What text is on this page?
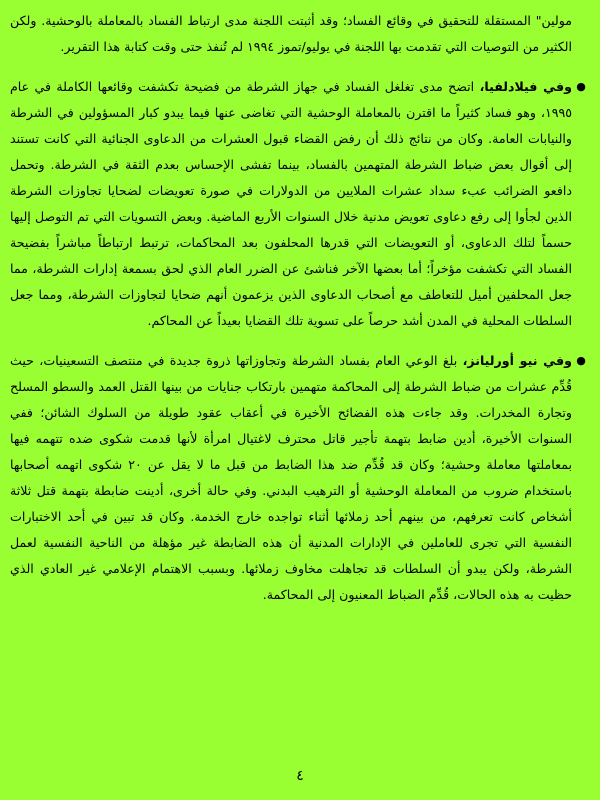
مولين" المستقلة للتحقيق في وقائع الفساد؛ وقد أثبتت اللجنة مدى ارتباط الفساد بالمعاملة بالوحشية. ولكن الكثير من التوصيات التي تقدمت بها اللجنة في يوليو/تموز ١٩٩٤ لم تُنفذ حتى وقت كتابة هذا التقرير.

●

وفي فيلادلفيا، اتضح مدى تغلغل الفساد في جهاز الشرطة من فضيحة تكشفت وقائعها الكاملة في عام ١٩٩٥، وهو فساد كثيراً ما اقترن بالمعاملة الوحشية التي تغاضى عنها فيما يبدو كبار المسؤولين في الشرطة والنيابات العامة. وكان من نتائج ذلك أن رفض القضاء قبول العشرات من الدعاوى الجنائية التي كانت تستند إلى أقوال بعض ضباط الشرطة المتهمين بالفساد، بينما تفشى الإحساس بعدم الثقة في الشرطة. وتحمل دافعو الضرائب عبء سداد عشرات الملايين من الدولارات في صورة تعويضات لضحايا تجاوزات الشرطة الذين لجأوا إلى رفع دعاوى تعويض مدنية خلال السنوات الأربع الماضية. وبعض التسويات التي تم التوصل إليها حسماً لتلك الدعاوى، أو التعويضات التي قدرها المحلفون بعد المحاكمات، ترتبط ارتباطاً مباشراً بفضيحة الفساد التي تكشفت مؤخراً؛ أما بعضها الآخر فناشئ عن الضرر العام الذي لحق بسمعة إدارات الشرطة، مما جعل المحلفين أميل للتعاطف مع أصحاب الدعاوى الذين يزعمون أنهم ضحايا لتجاوزات الشرطة، ومما جعل السلطات المحلية في المدن أشد حرصاً على تسوية تلك القضايا بعيداً عن المحاكم.

●

وفي نيو أورليانز، بلغ الوعي العام بفساد الشرطة وتجاوزاتها ذروة جديدة في منتصف التسعينيات، حيث قُدِّم عشرات من ضباط الشرطة إلى المحاكمة متهمين بارتكاب جنايات من بينها القتل العمد والسطو المسلح وتجارة المخدرات. وقد جاءت هذه الفضائح الأخيرة في أعقاب عقود طويلة من السلوك الشائن؛ ففي السنوات الأخيرة، أدين ضابط بتهمة تأجير قاتل محترف لاغتيال امرأة لأنها قدمت شكوى ضده تتهمه فيها بمعاملتها معاملة وحشية؛ وكان قد قُدِّم ضد هذا الضابط من قبل ما لا يقل عن ٢٠ شكوى اتهمه أصحابها باستخدام ضروب من المعاملة الوحشية أو الترهيب البدني. وفي حالة أخرى، أدينت ضابطة بتهمة قتل ثلاثة أشخاص كانت تعرفهم، من بينهم أحد زملائها أثناء تواجده خارج الخدمة. وكان قد تبين في أحد الاختبارات النفسية التي تجرى للعاملين في الإدارات المدنية أن هذه الضابطة غير مؤهلة من الناحية النفسية لعمل الشرطة، ولكن يبدو أن السلطات قد تجاهلت مخاوف زملائها. وبسبب الاهتمام الإعلامي غير العادي الذي حظيت به هذه الحالات، قُدِّم الضباط المعنيون إلى المحاكمة.

٤
